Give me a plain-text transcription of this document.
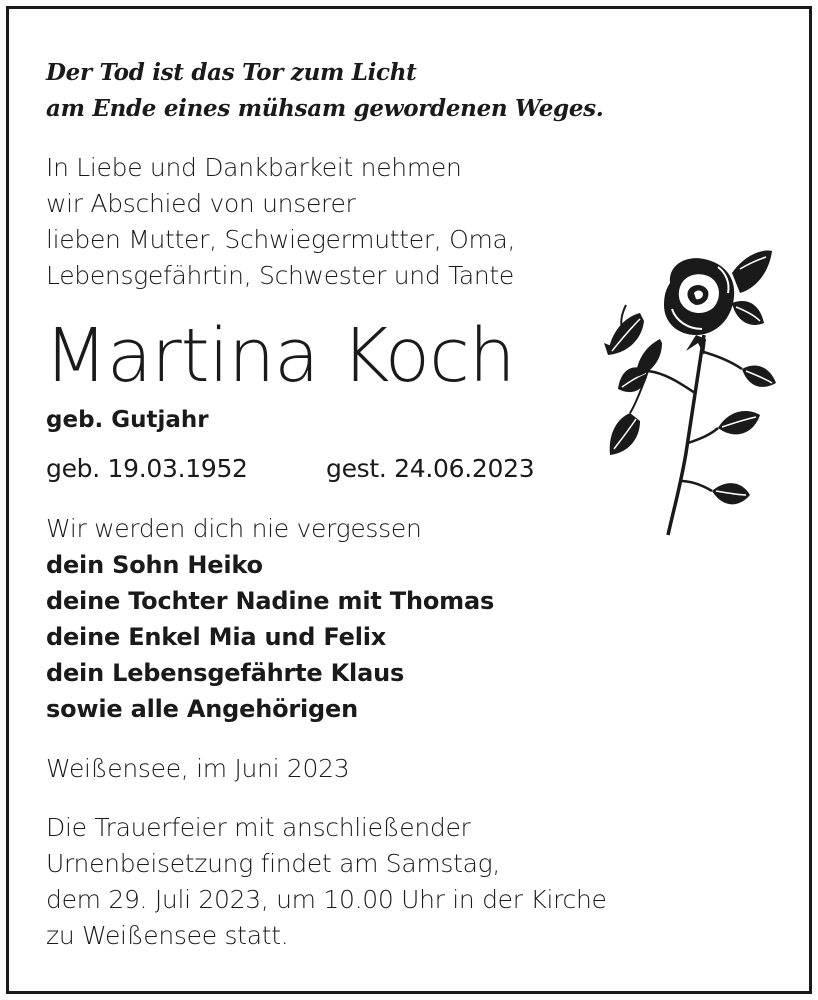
Der Tod ist das Tor zum Licht

am Ende eines mühsam gewordenen Weges.

In Liebe und Dankbarkeit nehmen

wir Abschied von unserer

lieben Mutter, Schwiegermutter, Oma,

Lebensgefährtin, Schwester und Tante

Martina Koch

geb. Gutjahr

geb. 19.03.1952	gest. 24.06.2023

Wir werden dich nie vergessen

dein Sohn Heiko

deine Tochter Nadine mit Thomas

deine Enkel Mia und Felix

dein Lebensgefährte Klaus

sowie alle Angehörigen

Weißensee, im Juni 2023

Die Trauerfeier mit anschließender

Urnenbeisetzung findet am Samstag,

dem 29. Juli 2023, um 10.00 Uhr in der Kirche

zu Weißensee statt.
